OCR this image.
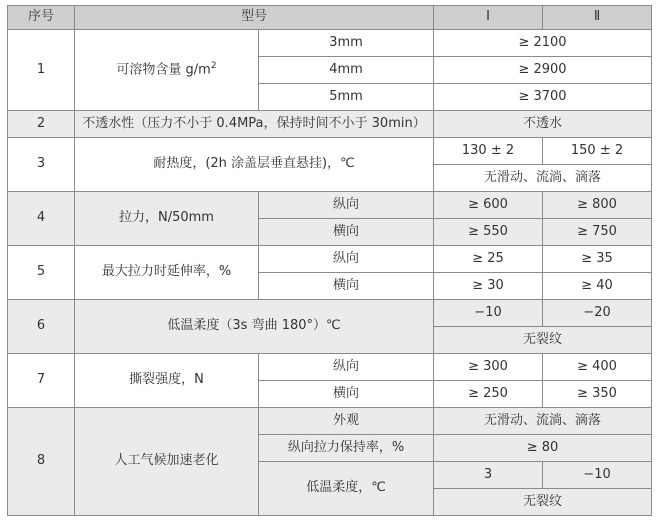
序号	型号		Ⅰ	Ⅱ
1	可溶物含量 $g/m^2$	3mm	≥ 2100	
		4mm	≥ 2900	
		5mm	≥ 3700	
2	不透水性（压力不小于 0.4MPa，保持时间不小于 30min）		不透水	
3	耐热度，(2h 涂盖层垂直悬挂)，℃		130 ± 2	150 ± 2
			无滑动、流淌、滴落	
4	拉力，N/50mm	纵向	≥ 600	≥ 800
		横向	≥ 550	≥ 750
5	最大拉力时延伸率，%	纵向	≥ 25	≥ 35
		横向	≥ 30	≥ 40
6	低温柔度（3s 弯曲 180°）℃		−10	−20
			无裂纹	
7	撕裂强度，N	纵向	≥ 300	≥ 400
		横向	≥ 250	≥ 350
8	人工气候加速老化	外观	无滑动、流淌、滴落	
		纵向拉力保持率，%	≥ 80	
		低温柔度，℃	3	−10
			无裂纹	
